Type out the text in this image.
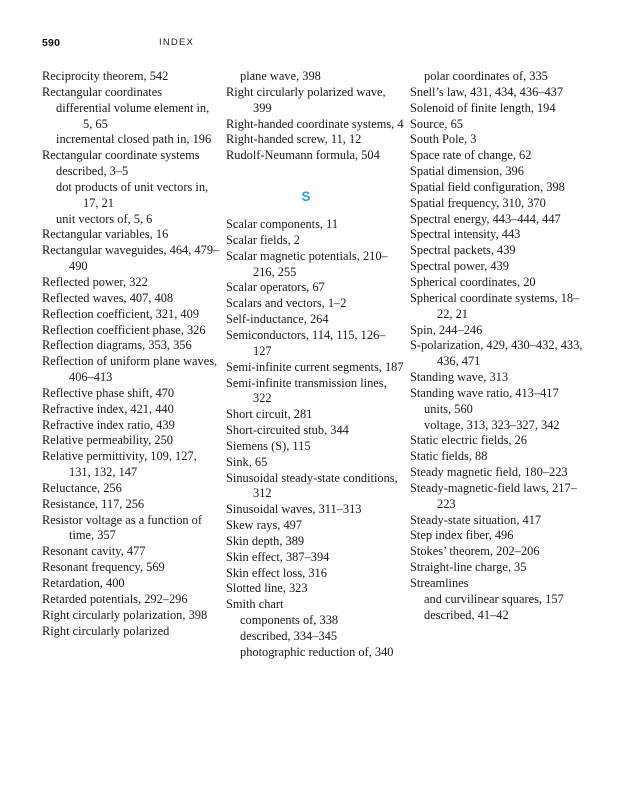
590	INDEX
Reciprocity theorem, 542
Rectangular coordinates
differential volume element in, 5, 65
incremental closed path in, 196
Rectangular coordinate systems
described, 3–5
dot products of unit vectors in, 17, 21
unit vectors of, 5, 6
Rectangular variables, 16
Rectangular waveguides, 464, 479–490
Reflected power, 322
Reflected waves, 407, 408
Reflection coefficient, 321, 409
Reflection coefficient phase, 326
Reflection diagrams, 353, 356
Reflection of uniform plane waves, 406–413
Reflective phase shift, 470
Refractive index, 421, 440
Refractive index ratio, 439
Relative permeability, 250
Relative permittivity, 109, 127, 131, 132, 147
Reluctance, 256
Resistance, 117, 256
Resistor voltage as a function of time, 357
Resonant cavity, 477
Resonant frequency, 569
Retardation, 400
Retarded potentials, 292–296
Right circularly polarization, 398
Right circularly polarized
plane wave, 398
Right circularly polarized wave, 399
Right-handed coordinate systems, 4
Right-handed screw, 11, 12
Rudolf-Neumann formula, 504
S
Scalar components, 11
Scalar fields, 2
Scalar magnetic potentials, 210–216, 255
Scalar operators, 67
Scalars and vectors, 1–2
Self-inductance, 264
Semiconductors, 114, 115, 126–127
Semi-infinite current segments, 187
Semi-infinite transmission lines, 322
Short circuit, 281
Short-circuited stub, 344
Siemens (S), 115
Sink, 65
Sinusoidal steady-state conditions, 312
Sinusoidal waves, 311–313
Skew rays, 497
Skin depth, 389
Skin effect, 387–394
Skin effect loss, 316
Slotted line, 323
Smith chart
components of, 338
described, 334–345
photographic reduction of, 340
polar coordinates of, 335
Snell’s law, 431, 434, 436–437
Solenoid of finite length, 194
Source, 65
South Pole, 3
Space rate of change, 62
Spatial dimension, 396
Spatial field configuration, 398
Spatial frequency, 310, 370
Spectral energy, 443–444, 447
Spectral intensity, 443
Spectral packets, 439
Spectral power, 439
Spherical coordinates, 20
Spherical coordinate systems, 18–22, 21
Spin, 244–246
S-polarization, 429, 430–432, 433, 436, 471
Standing wave, 313
Standing wave ratio, 413–417
units, 560
voltage, 313, 323–327, 342
Static electric fields, 26
Static fields, 88
Steady magnetic field, 180–223
Steady-magnetic-field laws, 217–223
Steady-state situation, 417
Step index fiber, 496
Stokes’ theorem, 202–206
Straight-line charge, 35
Streamlines
and curvilinear squares, 157
described, 41–42
